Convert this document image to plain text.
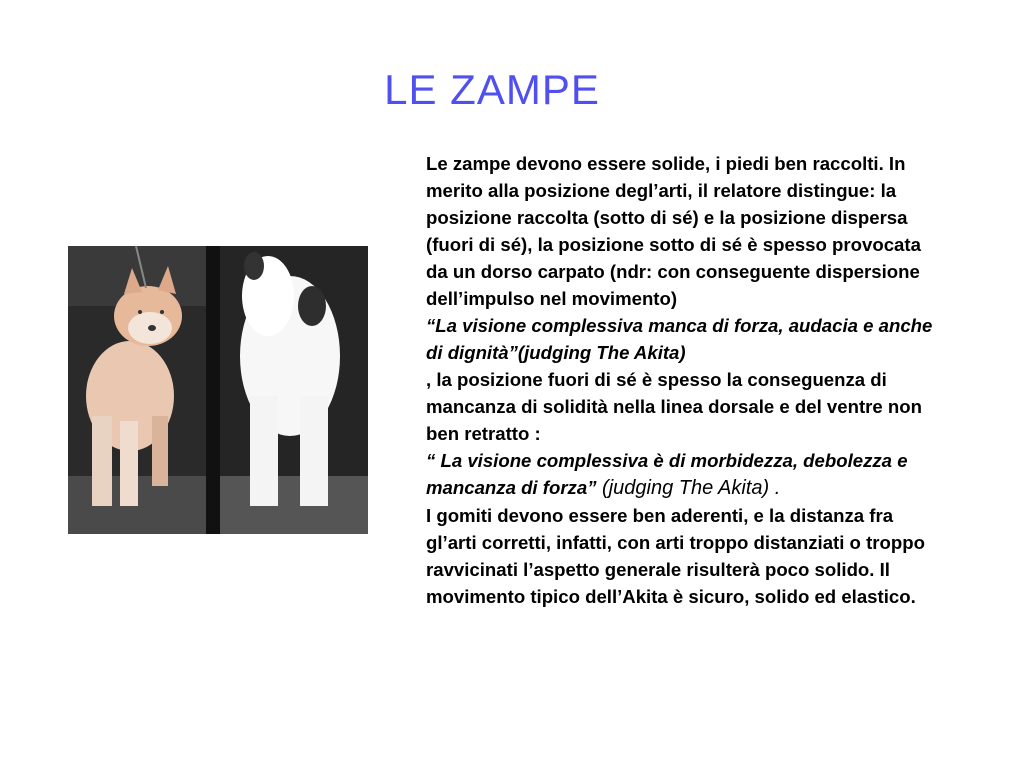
LE ZAMPE

Le zampe devono essere solide, i piedi ben raccolti. In merito alla posizione degl’arti, il relatore distingue: la posizione raccolta (sotto di sé) e la posizione dispersa (fuori di sé), la posizione sotto di sé è spesso provocata da un dorso carpato (ndr: con conseguente dispersione dell’impulso nel movimento)

“La visione complessiva manca di forza, audacia e anche di dignità”(judging The Akita)

, la posizione fuori di sé è spesso la conseguenza di mancanza di solidità nella linea dorsale e del ventre non ben retratto :

“ La visione complessiva è di morbidezza, debolezza e mancanza di forza” (judging The Akita) .

I gomiti devono essere ben aderenti, e la distanza fra gl’arti corretti, infatti, con arti troppo distanziati o troppo ravvicinati l’aspetto generale risulterà poco solido. Il movimento tipico dell’Akita è sicuro, solido ed elastico.
